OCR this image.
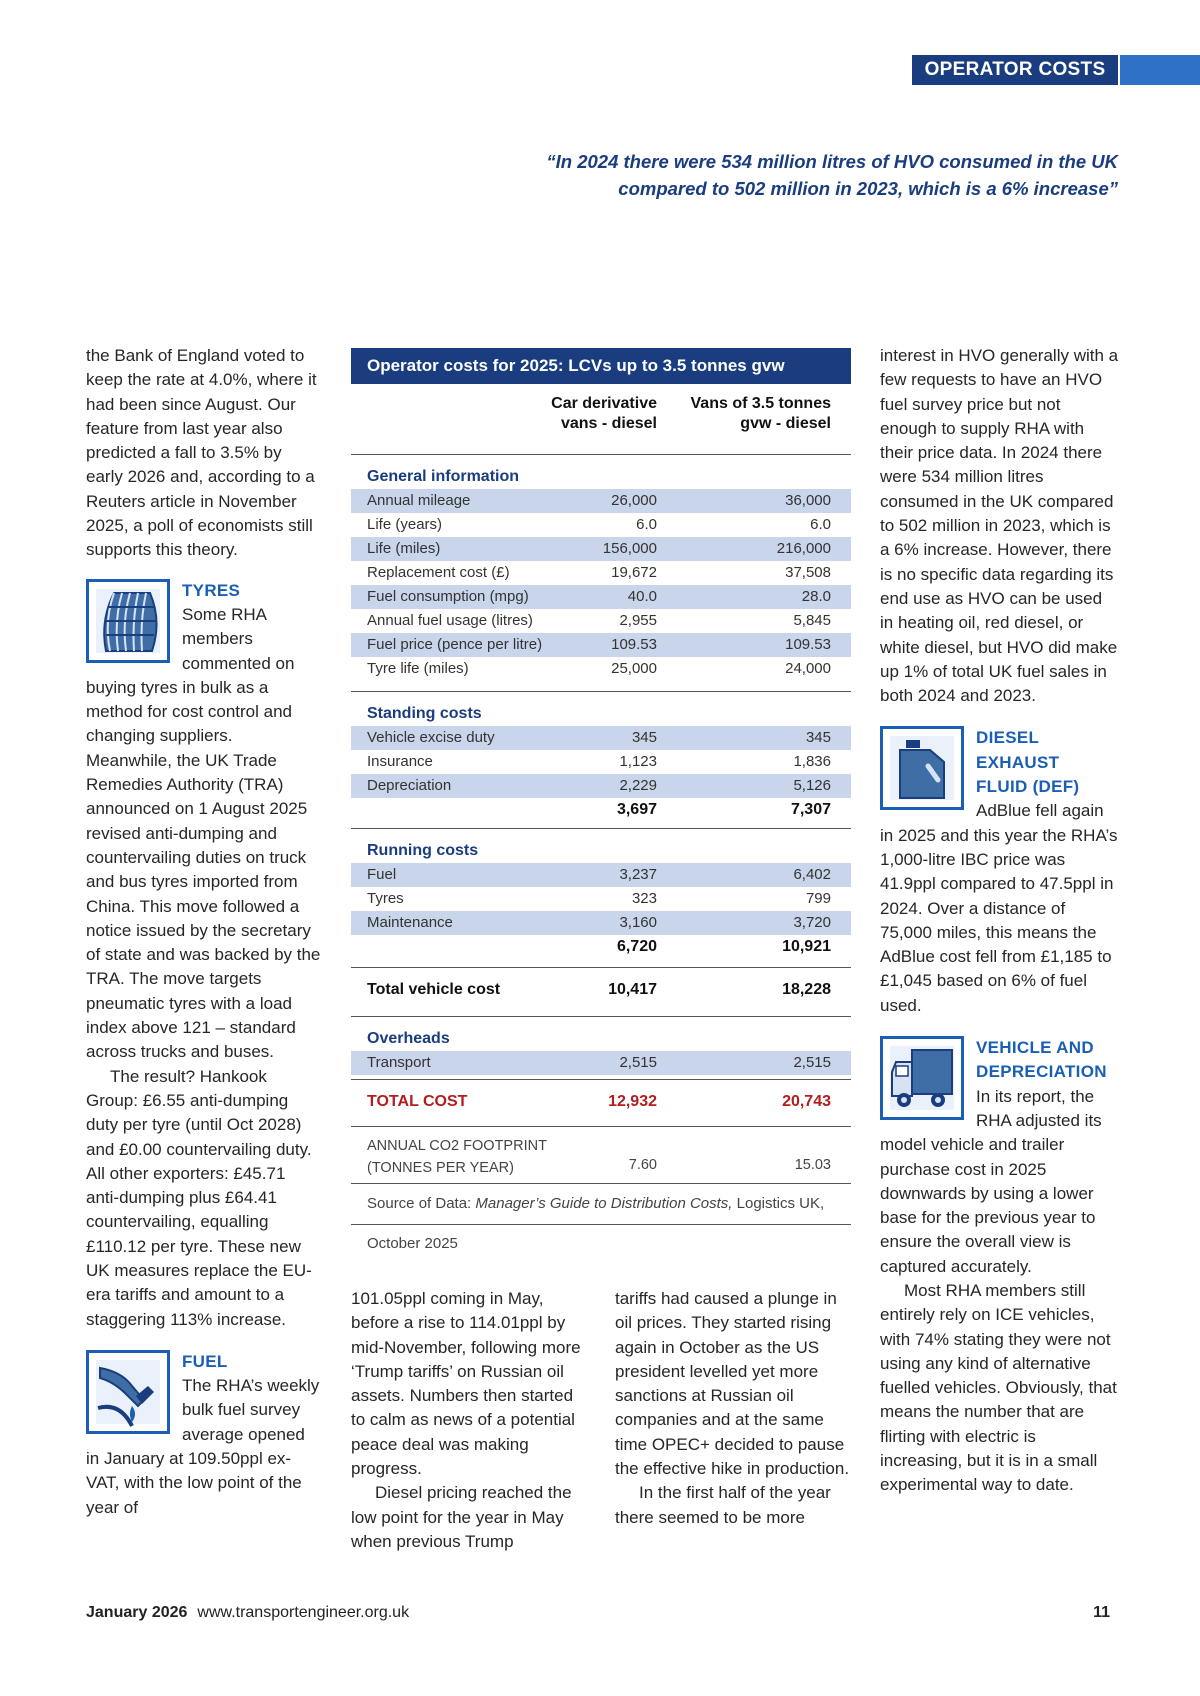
OPERATOR COSTS
“In 2024 there were 534 million litres of HVO consumed in the UK
compared to 502 million in 2023, which is a 6% increase”

the Bank of England voted to keep the rate at 4.0%, where it had been since August. Our feature from last year also predicted a fall to 3.5% by early 2026 and, according to a Reuters article in November 2025, a poll of economists still supports this theory.

TYRES

Some RHA members commented on buying tyres in bulk as a method for cost control and changing suppliers. Meanwhile, the UK Trade Remedies Authority (TRA) announced on 1 August 2025 revised anti-dumping and countervailing duties on truck and bus tyres imported from China. This move followed a notice issued by the secretary of state and was backed by the TRA. The move targets pneumatic tyres with a load index above 121 – standard across trucks and buses.

The result? Hankook Group: £6.55 anti-dumping duty per tyre (until Oct 2028) and £0.00 countervailing duty. All other exporters: £45.71 anti-dumping plus £64.41 countervailing, equalling £110.12 per tyre. These new UK measures replace the EU-era tariffs and amount to a staggering 113% increase.

FUEL

The RHA’s weekly bulk fuel survey average opened in January at 109.50ppl ex-VAT, with the low point of the year of

Operator costs for 2025: LCVs up to 3.5 tonnes gvw
Car derivative
vans - diesel
Vans of 3.5 tonnes
gvw - diesel
General information
Annual mileage	26,000	36,000
Life (years)	6.0	6.0
Life (miles)	156,000	216,000
Replacement cost (£)	19,672	37,508
Fuel consumption (mpg)	40.0	28.0
Annual fuel usage (litres)	2,955	5,845
Fuel price (pence per litre)	109.53	109.53
Tyre life (miles)	25,000	24,000
Standing costs
Vehicle excise duty	345	345
Insurance	1,123	1,836
Depreciation	2,229	5,126
3,697	7,307
Running costs
Fuel	3,237	6,402
Tyres	323	799
Maintenance	3,160	3,720
6,720	10,921
Total vehicle cost	10,417	18,228
Overheads
Transport	2,515	2,515
TOTAL COST	12,932	20,743
ANNUAL CO2 FOOTPRINT
(TONNES PER YEAR)	7.60	15.03
Source of Data: Manager’s Guide to Distribution Costs, Logistics UK, October 2025

101.05ppl coming in May, before a rise to 114.01ppl by mid-November, following more ‘Trump tariffs’ on Russian oil assets. Numbers then started to calm as news of a potential peace deal was making progress.

Diesel pricing reached the low point for the year in May when previous Trump

tariffs had caused a plunge in oil prices. They started rising again in October as the US president levelled yet more sanctions at Russian oil companies and at the same time OPEC+ decided to pause the effective hike in production.

In the first half of the year there seemed to be more

interest in HVO generally with a few requests to have an HVO fuel survey price but not enough to supply RHA with their price data. In 2024 there were 534 million litres consumed in the UK compared to 502 million in 2023, which is a 6% increase. However, there is no specific data regarding its end use as HVO can be used in heating oil, red diesel, or white diesel, but HVO did make up 1% of total UK fuel sales in both 2024 and 2023.

DIESEL
EXHAUST
FLUID (DEF)

AdBlue fell again in 2025 and this year the RHA’s 1,000-litre IBC price was 41.9ppl compared to 47.5ppl in 2024. Over a distance of 75,000 miles, this means the AdBlue cost fell from £1,185 to £1,045 based on 6% of fuel used.

VEHICLE AND
DEPRECIATION

In its report, the RHA adjusted its model vehicle and trailer purchase cost in 2025 downwards by using a lower base for the previous year to ensure the overall view is captured accurately.

Most RHA members still entirely rely on ICE vehicles, with 74% stating they were not using any kind of alternative fuelled vehicles. Obviously, that means the number that are flirting with electric is increasing, but it is in a small experimental way to date.

January 2026 www.transportengineer.org.uk	11
